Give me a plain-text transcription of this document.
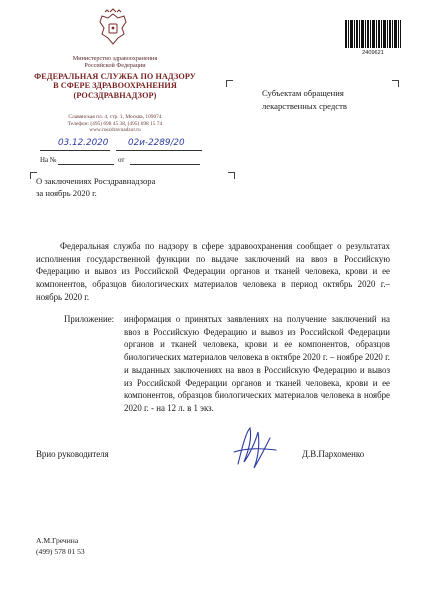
Министерство здравоохранения
Российской Федерации
ФЕДЕРАЛЬНАЯ СЛУЖБА ПО НАДЗОРУ
В СФЕРЕ ЗДРАВООХРАНЕНИЯ
(РОСЗДРАВНАДЗОР)
Славянская пл. 4, стр. 1, Москва, 109074
Телефон: (495) 698 45 38, (495) 698 15 74
www.roszdravnadzor.ru
03.12.2020 02и-2289/20
На №	от
2409621
Субъектам обращения
лекарственных средств
О заключениях Росздравнадзора
за ноябрь 2020 г.
Федеральная служба по надзору в сфере здравоохранения сообщает о результатах исполнения государственной функции по выдаче заключений на ввоз в Российскую Федерацию и вывоз из Российской Федерации органов и тканей человека, крови и ее компонентов, образцов биологических материалов человека в период октябрь 2020 г.– ноябрь 2020 г.
Приложение: информация о принятых заявлениях на получение заключений на ввоз в Российскую Федерацию и вывоз из Российской Федерации органов и тканей человека, крови и ее компонентов, образцов биологических материалов человека в октябре 2020 г. – ноябре 2020 г. и выданных заключениях на ввоз в Российскую Федерацию и вывоз из Российской Федерации органов и тканей человека, крови и ее компонентов, образцов биологических материалов человека в ноябре 2020 г. - на 12 л. в 1 экз.
Врио руководителя	Д.В.Пархоменко
А.М.Гречина
(499) 578 01 53
